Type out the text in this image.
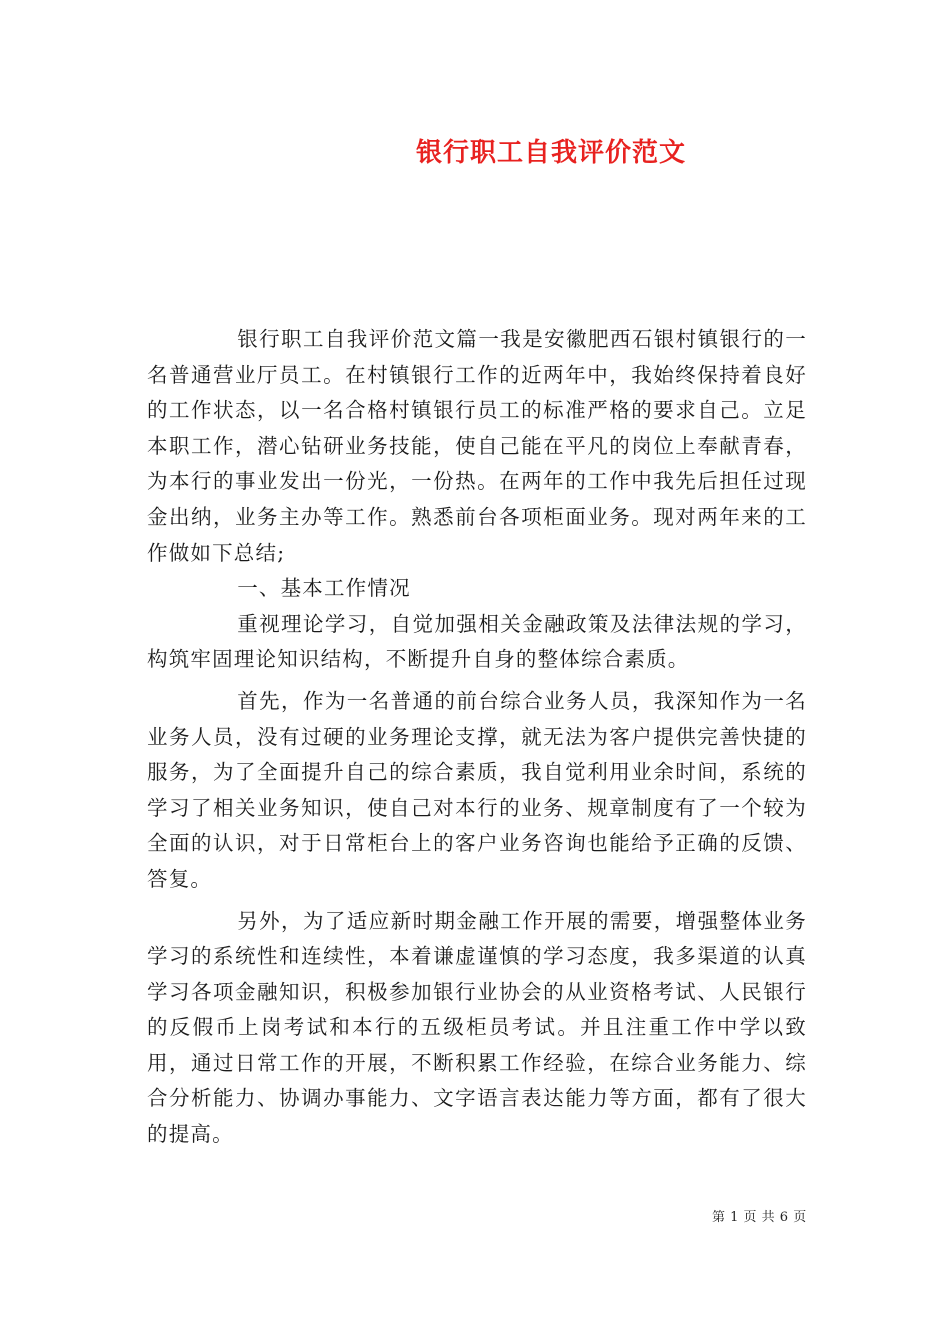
银行职工自我评价范文

银行职工自我评价范文篇一我是安徽肥西石银村镇银行的一名普通营业厅员工。在村镇银行工作的近两年中，我始终保持着良好的工作状态，以一名合格村镇银行员工的标准严格的要求自己。立足本职工作，潜心钻研业务技能，使自己能在平凡的岗位上奉献青春，为本行的事业发出一份光，一份热。在两年的工作中我先后担任过现金出纳，业务主办等工作。熟悉前台各项柜面业务。现对两年来的工作做如下总结;

一、基本工作情况

重视理论学习，自觉加强相关金融政策及法律法规的学习，构筑牢固理论知识结构，不断提升自身的整体综合素质。

首先，作为一名普通的前台综合业务人员，我深知作为一名业务人员，没有过硬的业务理论支撑，就无法为客户提供完善快捷的服务，为了全面提升自己的综合素质，我自觉利用业余时间，系统的学习了相关业务知识，使自己对本行的业务、规章制度有了一个较为全面的认识，对于日常柜台上的客户业务咨询也能给予正确的反馈、答复。

另外，为了适应新时期金融工作开展的需要，增强整体业务学习的系统性和连续性，本着谦虚谨慎的学习态度，我多渠道的认真学习各项金融知识，积极参加银行业协会的从业资格考试、人民银行的反假币上岗考试和本行的五级柜员考试。并且注重工作中学以致用，通过日常工作的开展，不断积累工作经验，在综合业务能力、综合分析能力、协调办事能力、文字语言表达能力等方面，都有了很大的提高。

第 1 页 共 6 页
